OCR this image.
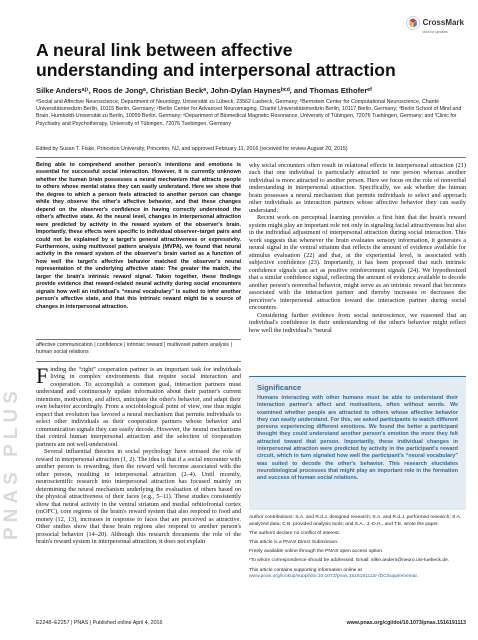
PNAS PLUS
CrossMark
click for updates
A neural link between affective understanding and interpersonal attraction
Silke Andersᵃʲ¹, Roos de Jongᵃ, Christian Beckᵃ, John-Dylan Haynesᵇᶜᵈ, and Thomas Ethoferᵉᶠ
ᵃSocial and Affective Neuroscience, Department of Neurology, Universität zu Lübeck, 23562 Luebeck, Germany; ᵇBernstein Center for Computational Neuroscience, Charité Universitätsmedizin Berlin, 10115 Berlin, Germany; ᶜBerlin Center for Advanced Neuroimaging, Charité Universitätsmedizin Berlin, 10117 Berlin, Germany; ᵈBerlin School of Mind and Brain, Humboldt-Universität zu Berlin, 10099 Berlin, Germany; ᵉDepartment of Biomedical Magnetic Resonance, University of Tübingen, 72076 Tuebingen, Germany; and ᶠClinic for Psychiatry and Psychotherapy, University of Tübingen, 72076 Tuebingen, Germany
Edited by Susan T. Fiske, Princeton University, Princeton, NJ, and approved February 11, 2016 (received for review August 20, 2015)
Being able to comprehend another person's intentions and emotions is essential for successful social interaction. However, it is currently unknown whether the human brain possesses a neural mechanism that attracts people to others whose mental states they can easily understand. Here we show that the degree to which a person feels attracted to another person can change while they observe the other's affective behavior, and that these changes depend on the observer's confidence in having correctly understood the other's affective state. At the neural level, changes in interpersonal attraction were predicted by activity in the reward system of the observer's brain. Importantly, these effects were specific to individual observer–target pairs and could not be explained by a target's general attractiveness or expressivity. Furthermore, using multivoxel pattern analysis (MVPA), we found that neural activity in the reward system of the observer's brain varied as a function of how well the target's affective behavior matched the observer's neural representation of the underlying affective state: The greater the match, the larger the brain's intrinsic reward signal. Taken together, these findings provide evidence that reward-related neural activity during social encounters signals how well an individual's “neural vocabulary” is suited to infer another person's affective state, and that this intrinsic reward might be a source of changes in interpersonal attraction.
affective communication | confidence | intrinsic reward | multivoxel pattern analysis | human social relations
Finding the “right” cooperation partner is an important task for individuals living in complex environments that require social interaction and cooperation. To accomplish a common goal, interaction partners must understand and continuously update information about their partner's current intentions, motivation, and affect, anticipate the other's behavior, and adapt their own behavior accordingly. From a sociobiological point of view, one thus might expect that evolution has favored a neural mechanism that permits individuals to select other individuals as their cooperation partners whose behavior and communication signals they can easily decode. However, the neural mechanisms that control human interpersonal attraction and the selection of cooperation partners are not well-understood.
Several influential theories in social psychology have stressed the role of reward in interpersonal attraction (1, 2). The idea is that if a social encounter with another person is rewarding, then the reward will become associated with the other person, resulting in interpersonal attraction (2–4). Until recently, neuroscientific research into interpersonal attraction has focused mainly on determining the neural mechanism underlying the evaluation of others based on the physical attractiveness of their faces (e.g., 5–11). These studies consistently show that neural activity in the ventral striatum and medial orbitofrontal cortex (mOFC), core regions of the brain's reward system that also respond to food and money (12, 13), increases in response to faces that are perceived as attractive. Other studies show that these brain regions also respond to another person's prosocial behavior (14–20). Although this research documents the role of the brain's reward system in interpersonal attraction, it does not explain

why social encounters often result in relational effects in interpersonal attraction (21) such that one individual is particularly attracted to one person whereas another individual is more attracted to another person. Here we focus on the role of nonverbal understanding in interpersonal attraction. Specifically, we ask whether the human brain possesses a neural mechanism that permits individuals to select and approach other individuals as interaction partners whose affective behavior they can easily understand.

Recent work on perceptual learning provides a first hint that the brain's reward system might play an important role not only in signaling facial attractiveness but also in the individual adjustment of interpersonal attraction during social interaction. This work suggests that whenever the brain evaluates sensory information, it generates a neural signal in the ventral striatum that reflects the amount of evidence available for stimulus evaluation (22) and that, at the experiential level, is associated with subjective confidence (23). Importantly, it has been proposed that such intrinsic confidence signals can act as positive reinforcement signals (24). We hypothesized that a similar confidence signal, reflecting the amount of evidence available to decode another person's nonverbal behavior, might serve as an intrinsic reward that becomes associated with the interaction partner and thereby increases or decreases the perceiver's interpersonal attraction toward the interaction partner during social encounters.

Considering further evidence from social neuroscience, we reasoned that an individual's confidence in their understanding of the other's behavior might reflect how well the individual's “neural

Significance
Humans interacting with other humans must be able to understand their interaction partner's affect and motivations, often without words. We examined whether people are attracted to others whose affective behavior they can easily understand. For this, we asked participants to watch different persons experiencing different emotions. We found the better a participant thought they could understand another person's emotion the more they felt attracted toward that person. Importantly, these individual changes in interpersonal attraction were predicted by activity in the participant's reward circuit, which in turn signaled how well the participant's “neural vocabulary” was suited to decode the other's behavior. This research elucidates neurobiological processes that might play an important role in the formation and success of human social relations.

Author contributions: S.A. and R.d.J. designed research; S.A. and R.d.J. performed research; S.A. analyzed data; C.B. provided analysis tools; and S.A., J.-D.H., and T.E. wrote the paper.

The authors declare no conflict of interest.

This article is a PNAS Direct Submission.

Freely available online through the PNAS open access option.

¹To whom correspondence should be addressed. Email: silke.anders@neuro.uni-luebeck.de.

This article contains supporting information online at www.pnas.org/lookup/suppl/doi:10.1073/pnas.1516191113/-/DCSupplemental.

E2248–E2257 | PNAS | Published online April 4, 2016	www.pnas.org/cgi/doi/10.1073/pnas.1516191113
